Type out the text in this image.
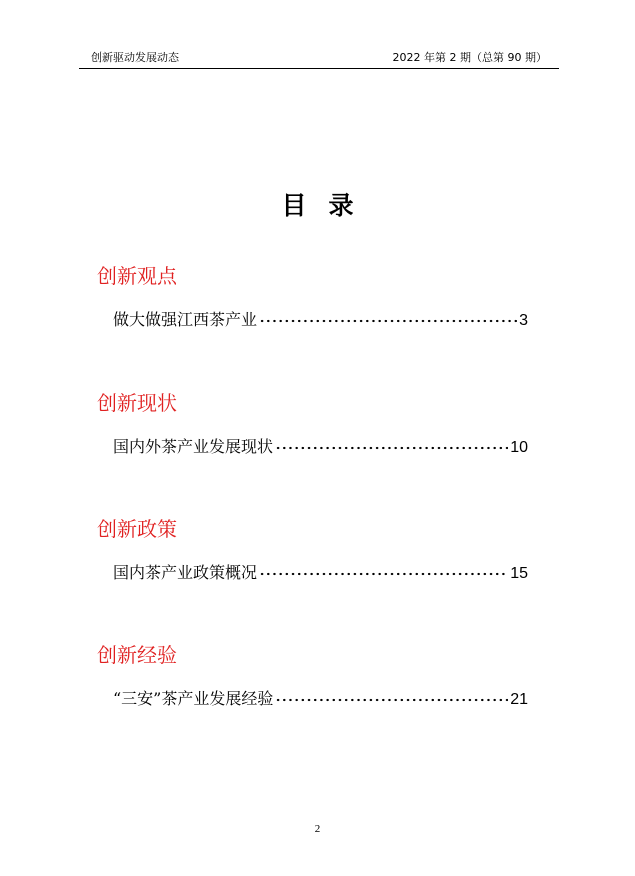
创新驱动发展动态	2022 年第 2 期（总第 90 期）
目录
创新观点
做大做强江西茶产业	3
创新现状
国内外茶产业发展现状	10
创新政策
国内茶产业政策概况	15
创新经验
“三安”茶产业发展经验	21
2
